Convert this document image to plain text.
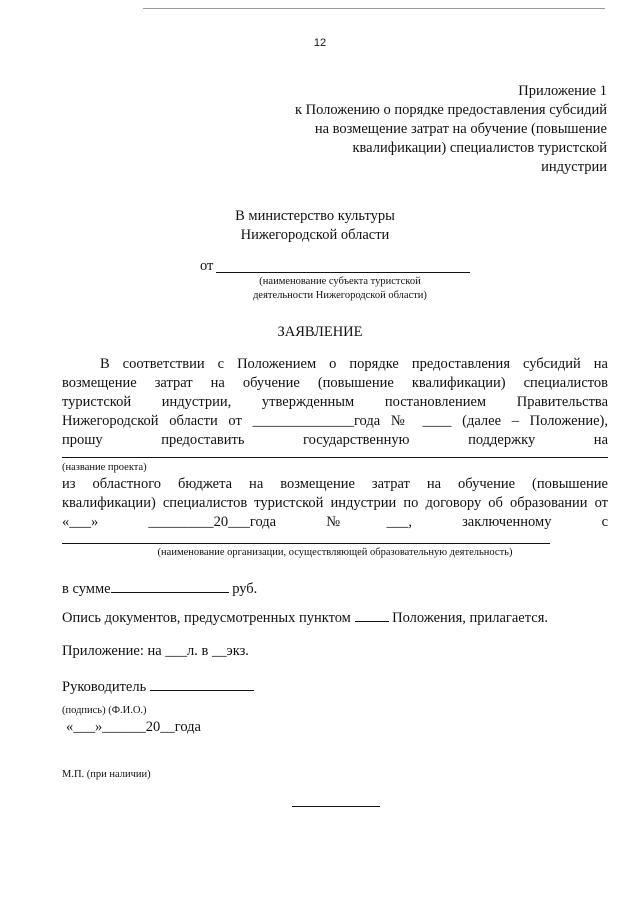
12
Приложение 1
к Положению о порядке предоставления субсидий
на возмещение затрат на обучение (повышение
квалификации) специалистов туристской
индустрии
В министерство культуры
Нижегородской области
от
(наименование субъекта туристской
деятельности Нижегородской области)
ЗАЯВЛЕНИЕ
В соответствии с Положением о порядке предоставления субсидий на
возмещение затрат на обучение (повышение квалификации) специалистов
туристской индустрии, утвержденным постановлением Правительства
Нижегородской области от ______________года № ____ (далее – Положение),
прошу предоставить государственную поддержку на
(название проекта)
из областного бюджета на возмещение затрат на обучение (повышение
квалификации) специалистов туристской индустрии по договору об образовании от
«___» _________20___года №___, заключенному с
(наименование организации, осуществляющей образовательную деятельность)
в сумме	руб.
Опись документов, предусмотренных пунктом	Положения, прилагается.
Приложение: на ___л. в __экз.
Руководитель
(подпись) (Ф.И.О.)
«___»______20__года
М.П. (при наличии)
